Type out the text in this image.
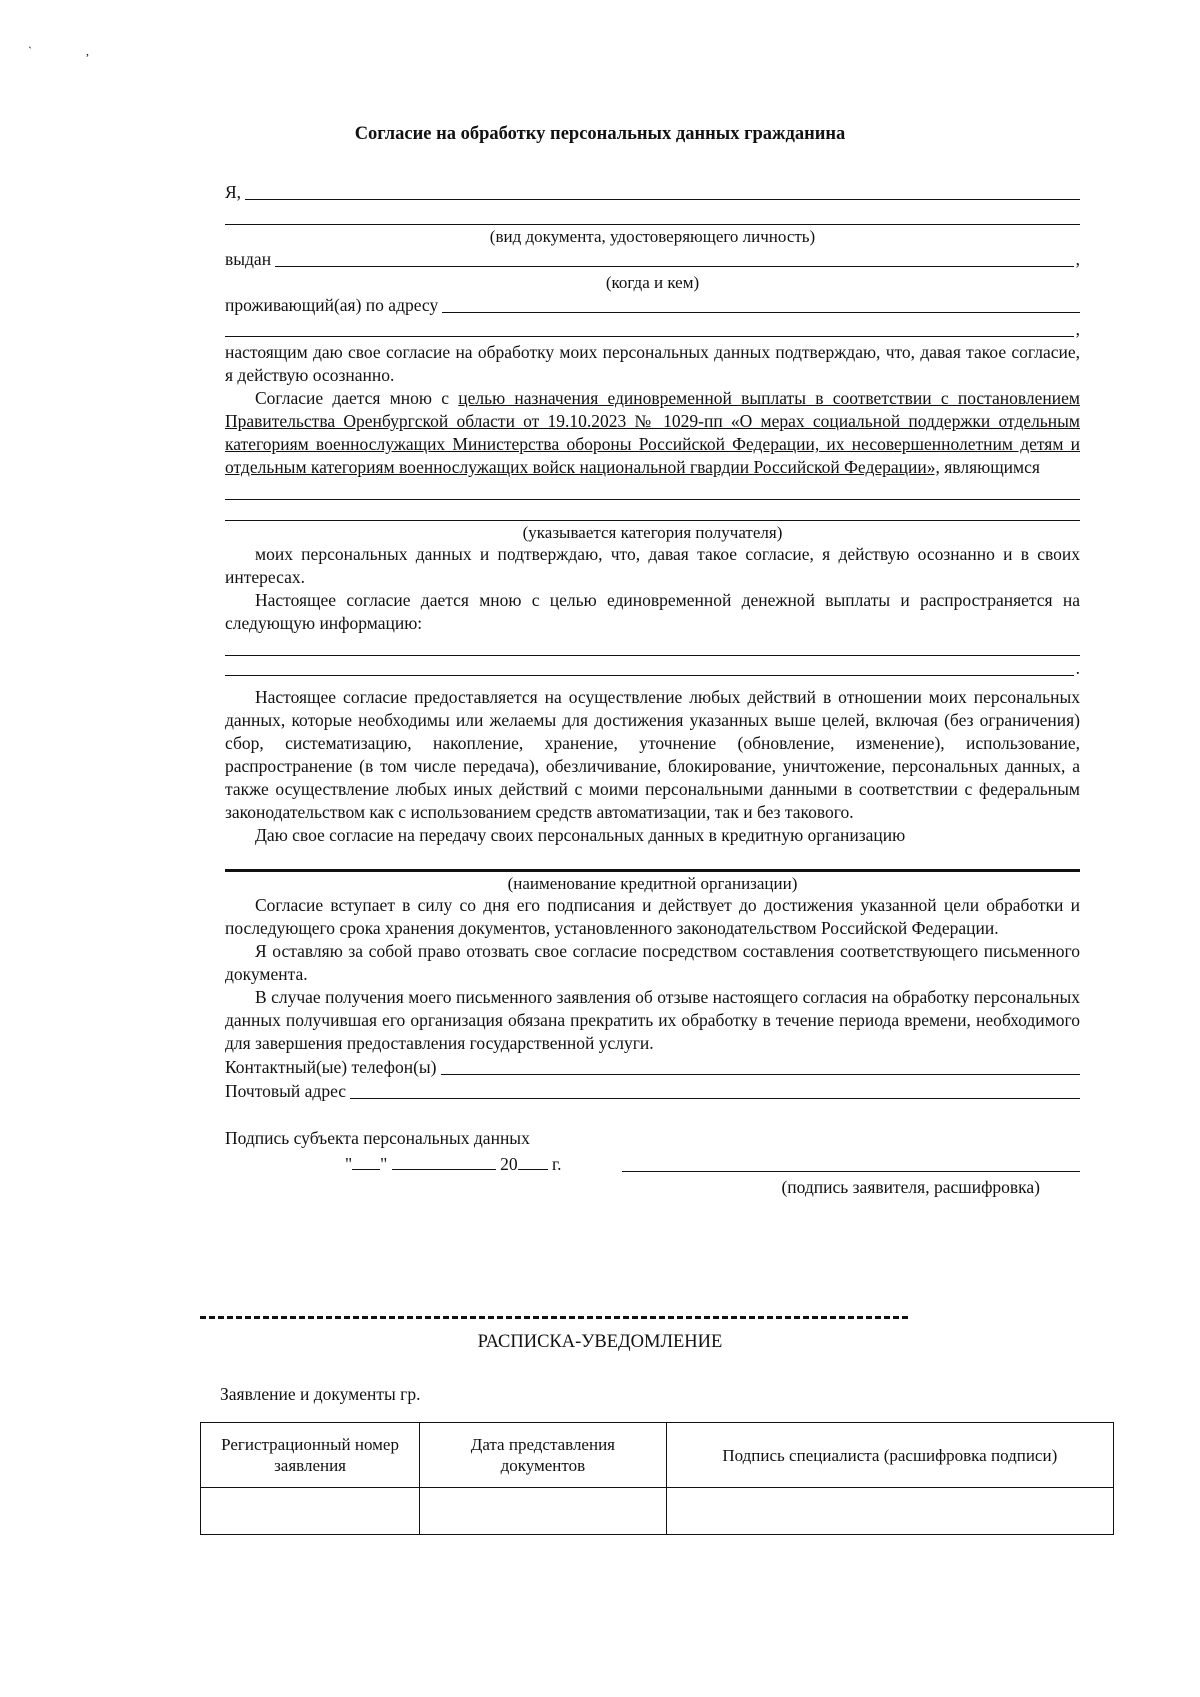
`                  ,
Согласие на обработку персональных данных гражданина
Я,
(вид документа, удостоверяющего личность)
выдан	,
(когда и кем)
проживающий(ая) по адресу
,

настоящим даю свое согласие на обработку моих персональных данных подтверждаю, что, давая такое согласие, я действую осознанно.

Согласие дается мною с целью назначения единовременной выплаты в соответствии с постановлением Правительства Оренбургской области от 19.10.2023 № 1029-пп «О мерах социальной поддержки отдельным категориям военнослужащих Министерства обороны Российской Федерации, их несовершеннолетним детям и отдельным категориям военнослужащих войск национальной гвардии Российской Федерации», являющимся

(указывается категория получателя)

моих персональных данных и подтверждаю, что, давая такое согласие, я действую осознанно и в своих интересах.

Настоящее согласие дается мною с целью единовременной денежной выплаты и распространяется на следующую информацию:

.

Настоящее согласие предоставляется на осуществление любых действий в отношении моих персональных данных, которые необходимы или желаемы для достижения указанных выше целей, включая (без ограничения) сбор, систематизацию, накопление, хранение, уточнение (обновление, изменение), использование, распространение (в том числе передача), обезличивание, блокирование, уничтожение, персональных данных, а также осуществление любых иных действий с моими персональными данными в соответствии с федеральным законодательством как с использованием средств автоматизации, так и без такового.

Даю свое согласие на передачу своих персональных данных в кредитную организацию

(наименование кредитной организации)

Согласие вступает в силу со дня его подписания и действует до достижения указанной цели обработки и последующего срока хранения документов, установленного законодательством Российской Федерации.

Я оставляю за собой право отозвать свое согласие посредством составления соответствующего письменного документа.

В случае получения моего письменного заявления об отзыве настоящего согласия на обработку персональных данных получившая его организация обязана прекратить их обработку в течение периода времени, необходимого для завершения предоставления государственной услуги.

Контактный(ые) телефон(ы)
Почтовый адрес
Подпись субъекта персональных данных
" "	20 г.
(подпись заявителя, расшифровка)
РАСПИСКА-УВЕДОМЛЕНИЕ
Заявление и документы гр.
Регистрационный номер заявления	Дата представления документов	Подпись специалиста (расшифровка подписи)
